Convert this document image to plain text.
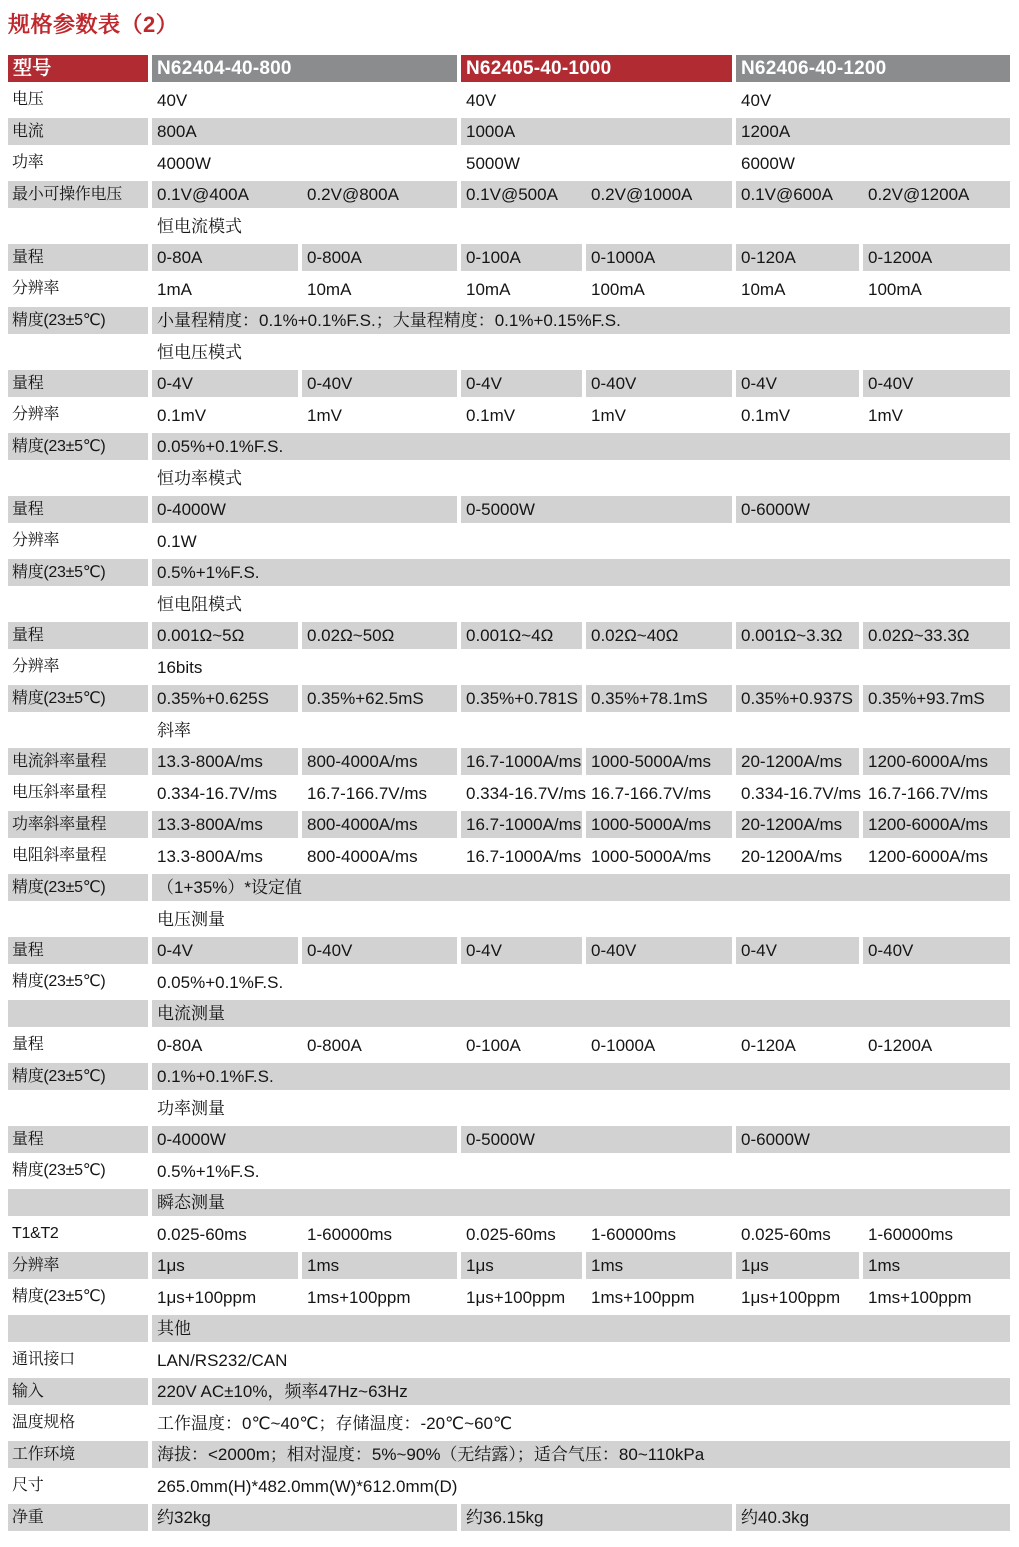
规格参数表（2）
型号	N62404-40-800	N62405-40-1000	N62406-40-1200
电压	40V	40V	40V
电流	800A	1000A	1200A
功率	4000W	5000W	6000W
最小可操作电压	0.1V@400A	0.2V@800A	0.1V@500A	0.2V@1000A	0.1V@600A	0.2V@1200A
恒电流模式
量程	0-80A	0-800A	0-100A	0-1000A	0-120A	0-1200A
分辨率	1mA	10mA	10mA	100mA	10mA	100mA
精度(23±5℃)	小量程精度：0.1%+0.1%F.S.；大量程精度：0.1%+0.15%F.S.
恒电压模式
量程	0-4V	0-40V	0-4V	0-40V	0-4V	0-40V
分辨率	0.1mV	1mV	0.1mV	1mV	0.1mV	1mV
精度(23±5℃)	0.05%+0.1%F.S.
恒功率模式
量程	0-4000W	0-5000W	0-6000W
分辨率	0.1W
精度(23±5℃)	0.5%+1%F.S.
恒电阻模式
量程	0.001Ω~5Ω	0.02Ω~50Ω	0.001Ω~4Ω	0.02Ω~40Ω	0.001Ω~3.3Ω	0.02Ω~33.3Ω
分辨率	16bits
精度(23±5℃)	0.35%+0.625S	0.35%+62.5mS	0.35%+0.781S 0.35%+78.1mS	0.35%+0.937S 0.35%+93.7mS
斜率
电流斜率量程	13.3-800A/ms	800-4000A/ms	16.7-1000A/ms 1000-5000A/ms	20-1200A/ms	1200-6000A/ms
电压斜率量程	0.334-16.7V/ms	16.7-166.7V/ms	0.334-16.7V/ms 16.7-166.7V/ms	0.334-16.7V/ms 16.7-166.7V/ms
功率斜率量程	13.3-800A/ms	800-4000A/ms	16.7-1000A/ms 1000-5000A/ms	20-1200A/ms	1200-6000A/ms
电阻斜率量程	13.3-800A/ms	800-4000A/ms	16.7-1000A/ms 1000-5000A/ms	20-1200A/ms	1200-6000A/ms
精度(23±5℃)	（1+35%）*设定值
电压测量
量程	0-4V	0-40V	0-4V	0-40V	0-4V	0-40V
精度(23±5℃)	0.05%+0.1%F.S.
电流测量
量程	0-80A	0-800A	0-100A	0-1000A	0-120A	0-1200A
精度(23±5℃)	0.1%+0.1%F.S.
功率测量
量程	0-4000W	0-5000W	0-6000W
精度(23±5℃)	0.5%+1%F.S.
瞬态测量
T1&T2	0.025-60ms	1-60000ms	0.025-60ms	1-60000ms	0.025-60ms	1-60000ms
分辨率	1μs	1ms	1μs	1ms	1μs	1ms
精度(23±5℃)	1μs+100ppm	1ms+100ppm	1μs+100ppm	1ms+100ppm	1μs+100ppm	1ms+100ppm
其他
通讯接口	LAN/RS232/CAN
输入	220V AC±10%，频率47Hz~63Hz
温度规格	工作温度：0℃~40℃；存储温度：-20℃~60℃
工作环境	海拔：<2000m；相对湿度：5%~90%（无结露）；适合气压：80~110kPa
尺寸	265.0mm(H)*482.0mm(W)*612.0mm(D)
净重	约32kg	约36.15kg	约40.3kg
